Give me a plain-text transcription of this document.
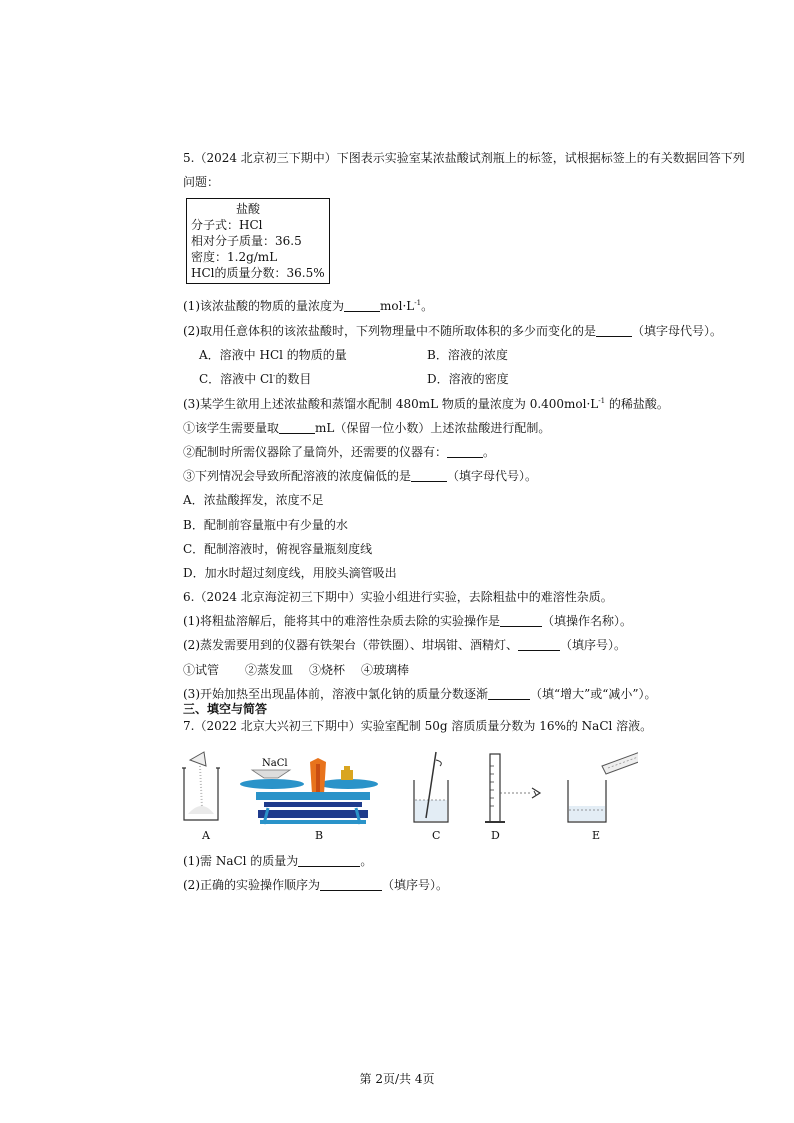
5.（2024 北京初三下期中）下图表示实验室某浓盐酸试剂瓶上的标签，试根据标签上的有关数据回答下列
问题：
盐酸
分子式：HCl
相对分子质量：36.5
密度：1.2g/mL
HCl的质量分数：36.5%
(1)该浓盐酸的物质的量浓度为	$mol\cdot L^{-1}$。
(2)取用任意体积的该浓盐酸时，下列物理量中不随所取体积的多少而变化的是	（填字母代号）。
A．溶液中 HCl 的物质的量	B．溶液的浓度
C．溶液中 Cl-的数目	D．溶液的密度
(3)某学生欲用上述浓盐酸和蒸馏水配制 480mL 物质的量浓度为 $0.400mol\cdot L^{-1}$ 的稀盐酸。
①该学生需要量取	mL（保留一位小数）上述浓盐酸进行配制。
②配制时所需仪器除了量筒外，还需要的仪器有：	。
③下列情况会导致所配溶液的浓度偏低的是	（填字母代号）。
A．浓盐酸挥发，浓度不足
B．配制前容量瓶中有少量的水
C．配制溶液时，俯视容量瓶刻度线
D．加水时超过刻度线，用胶头滴管吸出
6.（2024 北京海淀初三下期中）实验小组进行实验，去除粗盐中的难溶性杂质。
(1)将粗盐溶解后，能将其中的难溶性杂质去除的实验操作是	（填操作名称）。
(2)蒸发需要用到的仪器有铁架台（带铁圈）、坩埚钳、酒精灯、	（填序号）。
①试管 ②蒸发皿 ③烧杯 ④玻璃棒
(3)开始加热至出现晶体前，溶液中氯化钠的质量分数逐渐	（填“增大”或“减小”）。
三、填空与简答
7.（2022 北京大兴初三下期中）实验室配制 50g 溶质质量分数为 16%的 NaCl 溶液。
NaCl
A	B	C	D	E
(1)需 NaCl 的质量为	。
(2)正确的实验操作顺序为	（填序号）。
第 2页/共 4页
